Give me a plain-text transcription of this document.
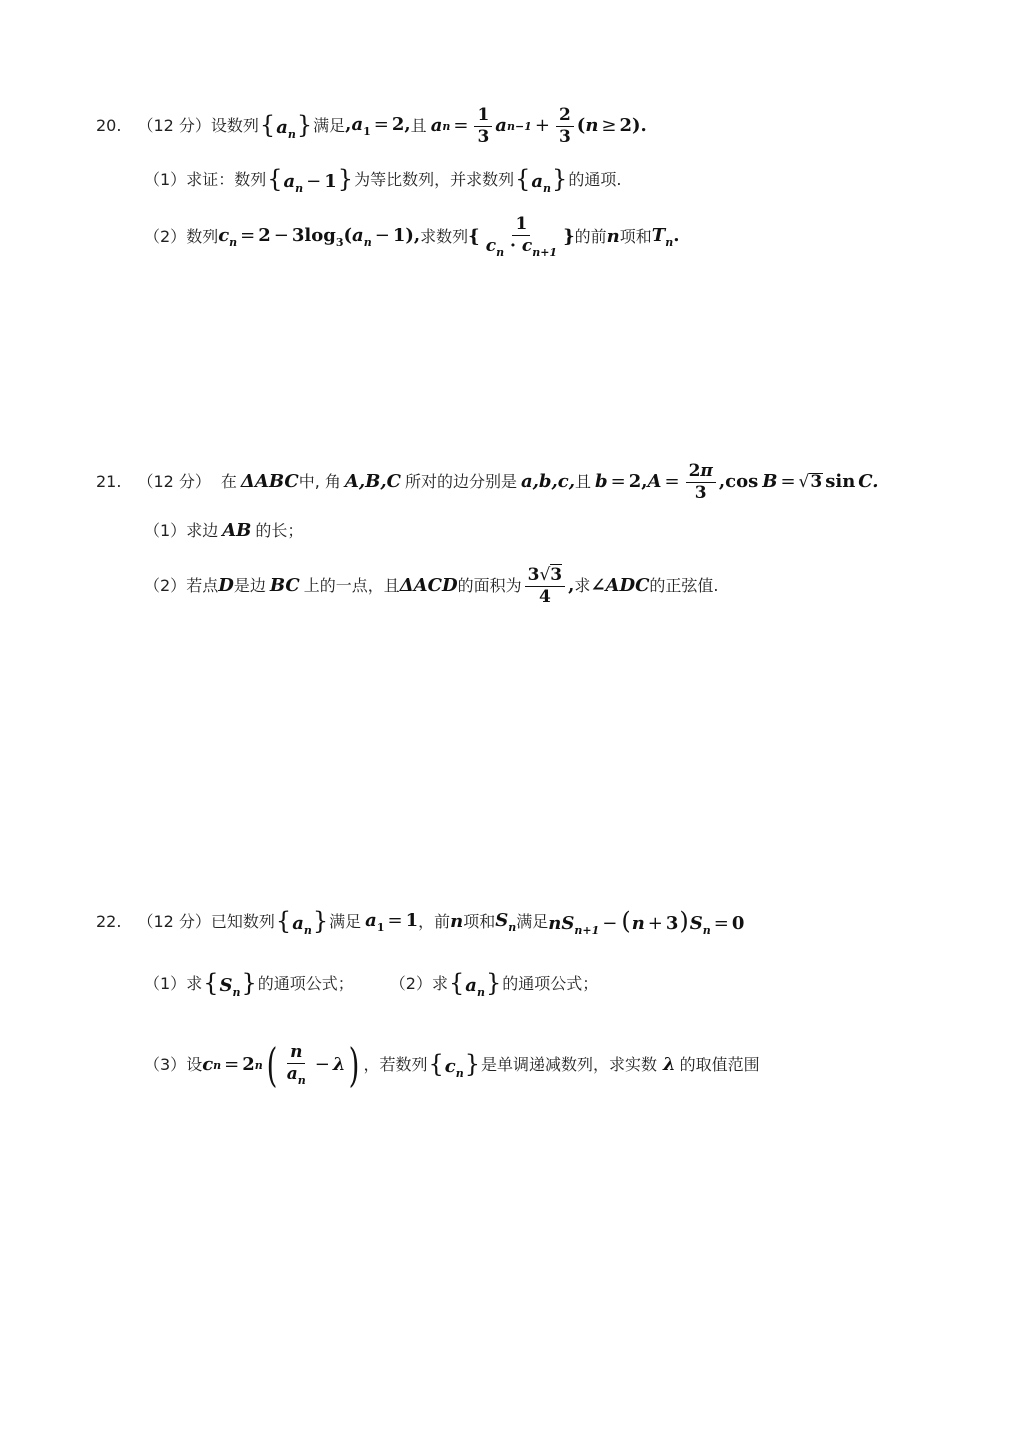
20. （12 分） 设数列 $\{a_n\}$ 满足 $,a_1 = 2$, 且 a $n = \frac{1}{3}$ a $n-1 + \frac{2}{3}$ ( n ≥ 2).
（1） 求证：数列 $\{a_n - 1\}$ 为等比数列，并求数列 $\{a_n\}$ 的通项.
（2） 数列 $c_n = 2 - 3\log_3(a_n - 1)$, 求数列 { $\frac{1}{c_n \cdot c_{n+1}}$ } 的前 n 项和 $T_n$.
21. （12 分） 在 ΔABC 中, 角 A,B,C 所对的边分别是 a,b,c, 且 b = 2, $A = \frac{2\pi}{3} ,\cos$ B = √ 3 sin C.
（1） 求边 AB 的长；
（2） 若点 D 是边 BC 上的一点，且 ΔACD 的面积为 $\frac{3√3}{4}$ , 求 ∠ADC 的正弦值.
22. （12 分） 已知数列 $\{a_n\}$ 满足 $a_1 = 1$ ，前 n 项和 $S_n$ 满足 $nS_{n+1} - (n + 3)S_n = 0$
（1） 求 $\{S_n\}$ 的通项公式； （2） 求 $\{a_n\}$ 的通项公式；
（3） 设 c n = 2 n ( $\frac{n}{a_n} - \lambda$ ) ，若数列 $\{c_n\}$ 是单调递减数列，求实数 λ 的取值范围
